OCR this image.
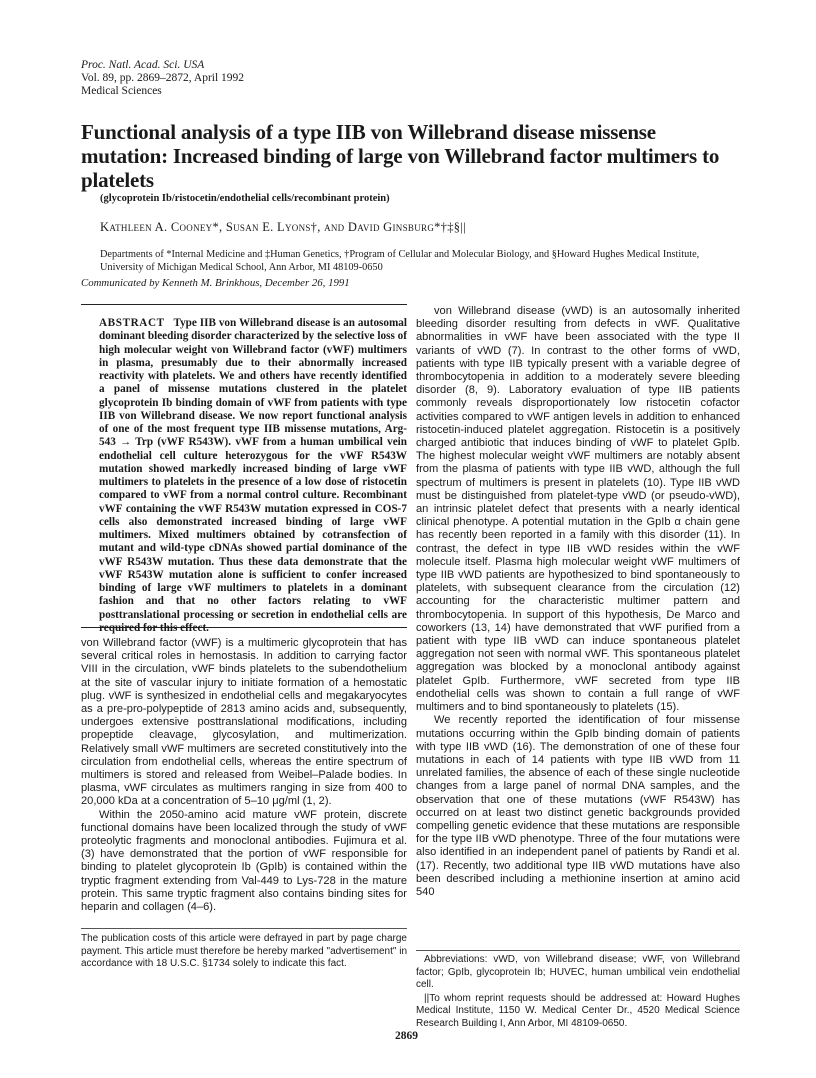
Proc. Natl. Acad. Sci. USA
Vol. 89, pp. 2869–2872, April 1992
Medical Sciences
Functional analysis of a type IIB von Willebrand disease missense mutation: Increased binding of large von Willebrand factor multimers to platelets
(glycoprotein Ib/ristocetin/endothelial cells/recombinant protein)
Kathleen A. Cooney*, Susan E. Lyons†, and David Ginsburg*†‡§||
Departments of *Internal Medicine and ‡Human Genetics, †Program of Cellular and Molecular Biology, and §Howard Hughes Medical Institute, University of Michigan Medical School, Ann Arbor, MI 48109-0650
Communicated by Kenneth M. Brinkhous, December 26, 1991
ABSTRACT Type IIB von Willebrand disease is an autosomal dominant bleeding disorder characterized by the selective loss of high molecular weight von Willebrand factor (vWF) multimers in plasma, presumably due to their abnormally increased reactivity with platelets. We and others have recently identified a panel of missense mutations clustered in the platelet glycoprotein Ib binding domain of vWF from patients with type IIB von Willebrand disease. We now report functional analysis of one of the most frequent type IIB missense mutations, Arg-543 → Trp (vWF R543W). vWF from a human umbilical vein endothelial cell culture heterozygous for the vWF R543W mutation showed markedly increased binding of large vWF multimers to platelets in the presence of a low dose of ristocetin compared to vWF from a normal control culture. Recombinant vWF containing the vWF R543W mutation expressed in COS-7 cells also demonstrated increased binding of large vWF multimers. Mixed multimers obtained by cotransfection of mutant and wild-type cDNAs showed partial dominance of the vWF R543W mutation. Thus these data demonstrate that the vWF R543W mutation alone is sufficient to confer increased binding of large vWF multimers to platelets in a dominant fashion and that no other factors relating to vWF posttranslational processing or secretion in endothelial cells are required for this effect.

von Willebrand factor (vWF) is a multimeric glycoprotein that has several critical roles in hemostasis. In addition to carrying factor VIII in the circulation, vWF binds platelets to the subendothelium at the site of vascular injury to initiate formation of a hemostatic plug. vWF is synthesized in endothelial cells and megakaryocytes as a pre-pro-polypeptide of 2813 amino acids and, subsequently, undergoes extensive posttranslational modifications, including propeptide cleavage, glycosylation, and multimerization. Relatively small vWF multimers are secreted constitutively into the circulation from endothelial cells, whereas the entire spectrum of multimers is stored and released from Weibel–Palade bodies. In plasma, vWF circulates as multimers ranging in size from 400 to 20,000 kDa at a concentration of 5–10 μg/ml (1, 2).

Within the 2050-amino acid mature vWF protein, discrete functional domains have been localized through the study of vWF proteolytic fragments and monoclonal antibodies. Fujimura et al. (3) have demonstrated that the portion of vWF responsible for binding to platelet glycoprotein Ib (GpIb) is contained within the tryptic fragment extending from Val-449 to Lys-728 in the mature protein. This same tryptic fragment also contains binding sites for heparin and collagen (4–6).

The publication costs of this article were defrayed in part by page charge payment. This article must therefore be hereby marked "advertisement" in accordance with 18 U.S.C. §1734 solely to indicate this fact.

von Willebrand disease (vWD) is an autosomally inherited bleeding disorder resulting from defects in vWF. Qualitative abnormalities in vWF have been associated with the type II variants of vWD (7). In contrast to the other forms of vWD, patients with type IIB typically present with a variable degree of thrombocytopenia in addition to a moderately severe bleeding disorder (8, 9). Laboratory evaluation of type IIB patients commonly reveals disproportionately low ristocetin cofactor activities compared to vWF antigen levels in addition to enhanced ristocetin-induced platelet aggregation. Ristocetin is a positively charged antibiotic that induces binding of vWF to platelet GpIb. The highest molecular weight vWF multimers are notably absent from the plasma of patients with type IIB vWD, although the full spectrum of multimers is present in platelets (10). Type IIB vWD must be distinguished from platelet-type vWD (or pseudo-vWD), an intrinsic platelet defect that presents with a nearly identical clinical phenotype. A potential mutation in the GpIb α chain gene has recently been reported in a family with this disorder (11). In contrast, the defect in type IIB vWD resides within the vWF molecule itself. Plasma high molecular weight vWF multimers of type IIB vWD patients are hypothesized to bind spontaneously to platelets, with subsequent clearance from the circulation (12) accounting for the characteristic multimer pattern and thrombocytopenia. In support of this hypothesis, De Marco and coworkers (13, 14) have demonstrated that vWF purified from a patient with type IIB vWD can induce spontaneous platelet aggregation not seen with normal vWF. This spontaneous platelet aggregation was blocked by a monoclonal antibody against platelet GpIb. Furthermore, vWF secreted from type IIB endothelial cells was shown to contain a full range of vWF multimers and to bind spontaneously to platelets (15).

We recently reported the identification of four missense mutations occurring within the GpIb binding domain of patients with type IIB vWD (16). The demonstration of one of these four mutations in each of 14 patients with type IIB vWD from 11 unrelated families, the absence of each of these single nucleotide changes from a large panel of normal DNA samples, and the observation that one of these mutations (vWF R543W) has occurred on at least two distinct genetic backgrounds provided compelling genetic evidence that these mutations are responsible for the type IIB vWD phenotype. Three of the four mutations were also identified in an independent panel of patients by Randi et al. (17). Recently, two additional type IIB vWD mutations have also been described including a methionine insertion at amino acid 540

Abbreviations: vWD, von Willebrand disease; vWF, von Willebrand factor; GpIb, glycoprotein Ib; HUVEC, human umbilical vein endothelial cell.

||To whom reprint requests should be addressed at: Howard Hughes Medical Institute, 1150 W. Medical Center Dr., 4520 Medical Science Research Building I, Ann Arbor, MI 48109-0650.

2869
